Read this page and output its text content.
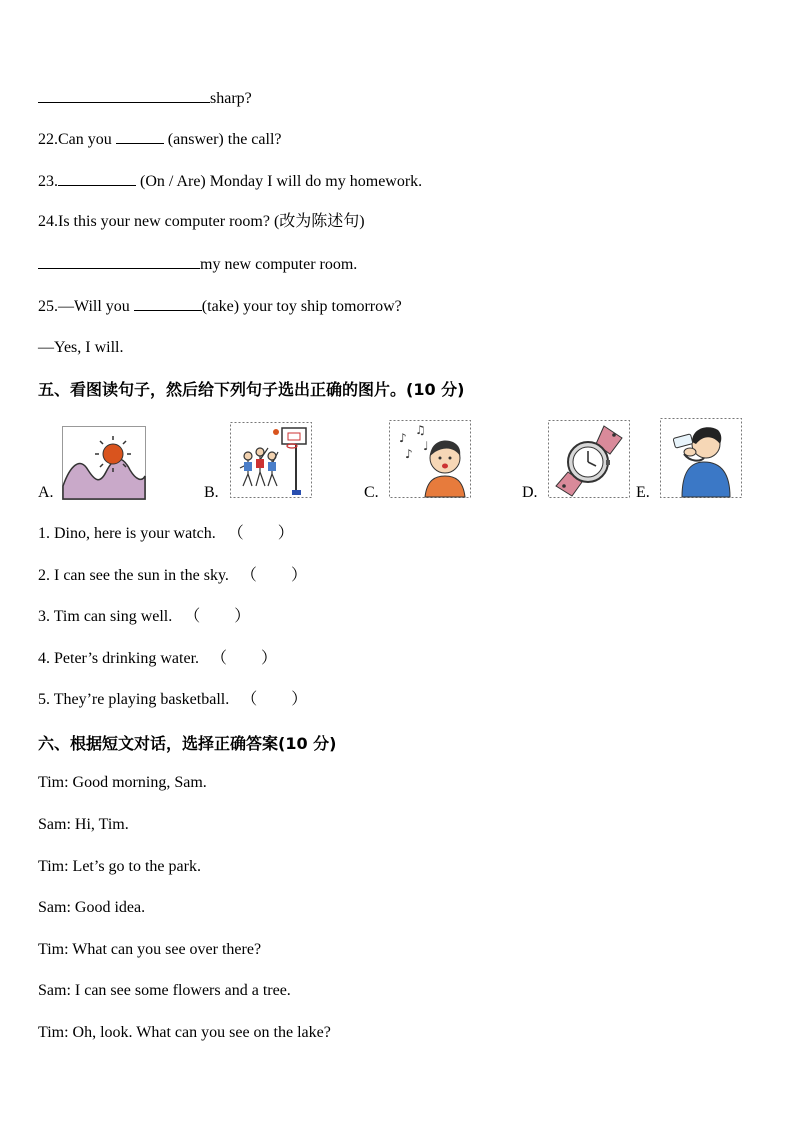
sharp?
22.Can you	(answer) the call?
23.	(On / Are) Monday I will do my homework.
24.Is this your new computer room? (改为陈述句)
my new computer room.
25.—Will you	(take) your toy ship tomorrow?
—Yes, I will.
五、看图读句子，然后给下列句子选出正确的图片。(10 分)
A.	B.	C.
♪
♫
♪
♩
D.	E.
1. Dino, here is your watch. （ ）
2. I can see the sun in the sky. （ ）
3. Tim can sing well. （ ）
4. Peter’s drinking water. （ ）
5. They’re playing basketball. （ ）
六、根据短文对话，选择正确答案(10 分)
Tim: Good morning, Sam.
Sam: Hi, Tim.
Tim: Let’s go to the park.
Sam: Good idea.
Tim: What can you see over there?
Sam: I can see some flowers and a tree.
Tim: Oh, look. What can you see on the lake?
